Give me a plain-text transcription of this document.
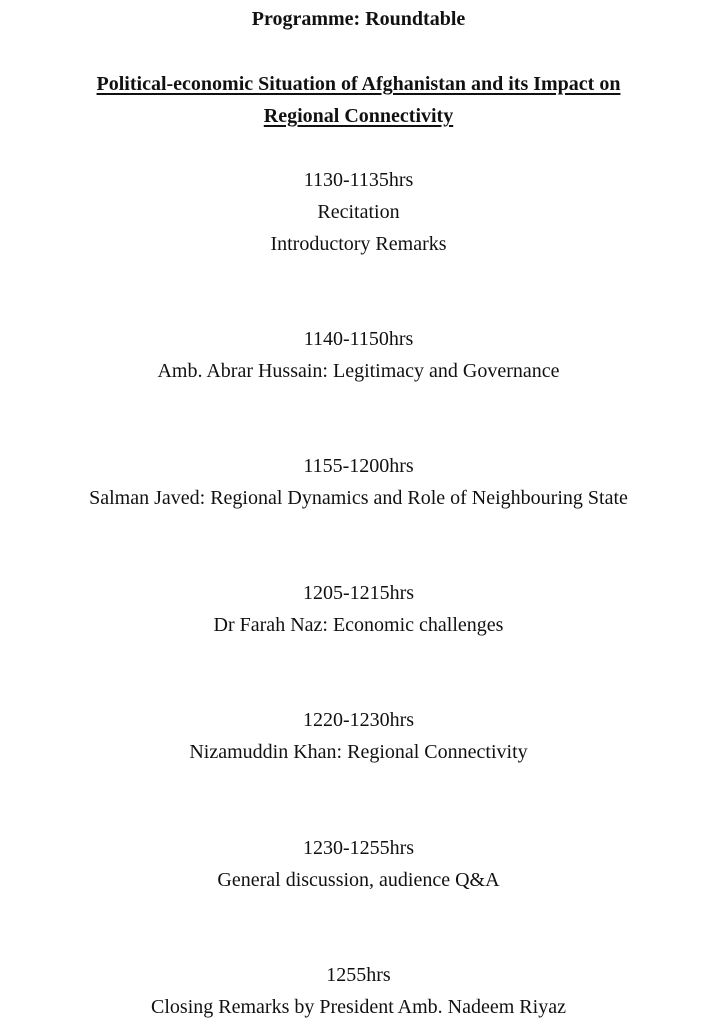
Programme: Roundtable
Political-economic Situation of Afghanistan and its Impact on
Regional Connectivity
1130-1135hrs
Recitation
Introductory Remarks
1140-1150hrs
Amb. Abrar Hussain: Legitimacy and Governance
1155-1200hrs
Salman Javed: Regional Dynamics and Role of Neighbouring State
1205-1215hrs
Dr Farah Naz: Economic challenges
1220-1230hrs
Nizamuddin Khan: Regional Connectivity
1230-1255hrs
General discussion, audience Q&A
1255hrs
Closing Remarks by President Amb. Nadeem Riyaz
